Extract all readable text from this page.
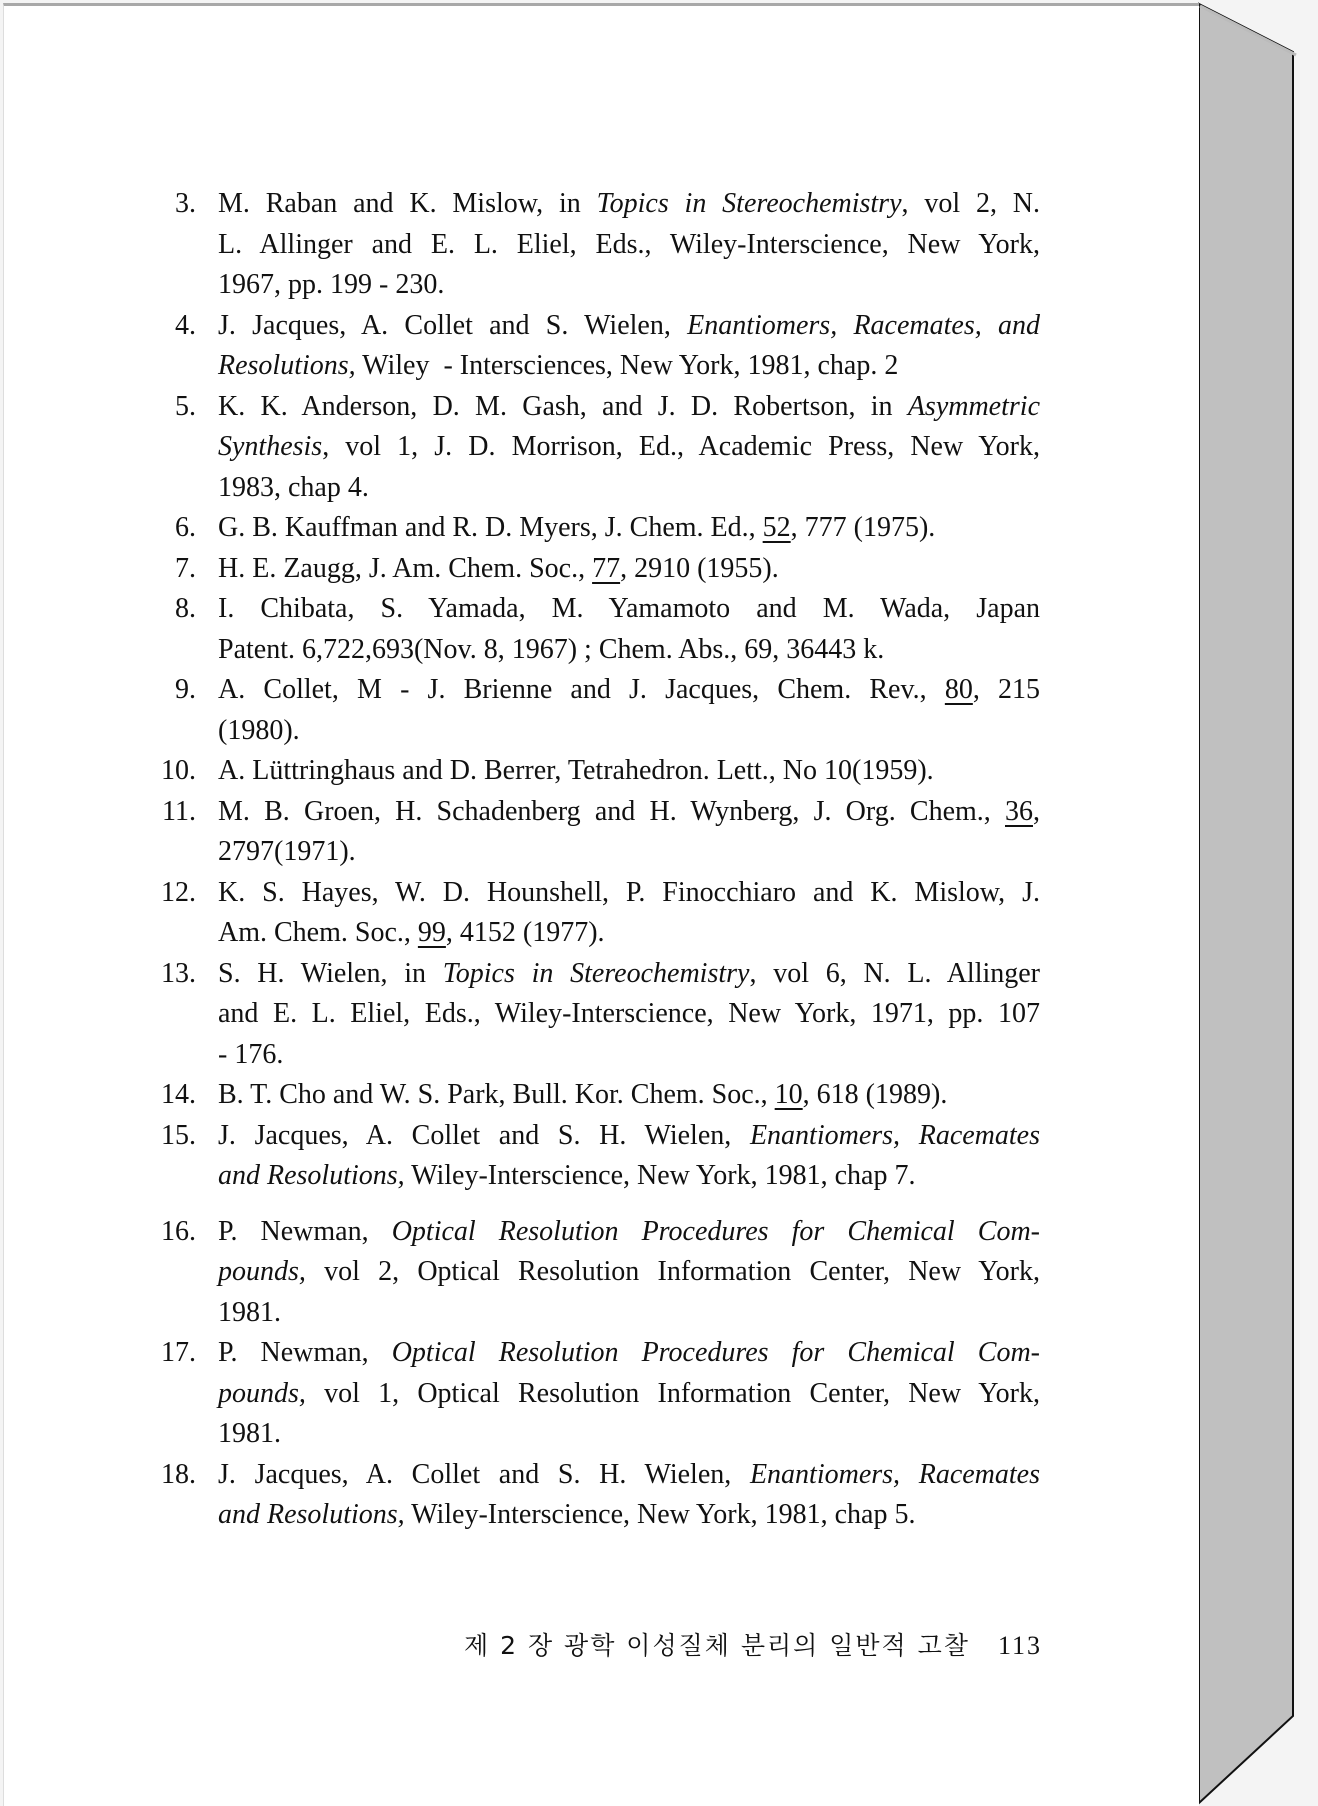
3. M. Raban and K. Mislow, in Topics in Stereochemistry, vol 2, N.
L. Allinger and E. L. Eliel, Eds., Wiley-Interscience, New York,
1967, pp. 199 - 230.
4. J. Jacques, A. Collet and S. Wielen, Enantiomers, Racemates, and
Resolutions, Wiley  - Intersciences, New York, 1981, chap. 2
5. K. K. Anderson, D. M. Gash, and J. D. Robertson, in Asymmetric
Synthesis, vol 1, J. D. Morrison, Ed., Academic Press, New York,
1983, chap 4.
6. G. B. Kauffman and R. D. Myers, J. Chem. Ed., 52, 777 (1975).
7. H. E. Zaugg, J. Am. Chem. Soc., 77, 2910 (1955).
8. I. Chibata, S. Yamada, M. Yamamoto and M. Wada, Japan
Patent. 6,722,693(Nov. 8, 1967) ; Chem. Abs., 69, 36443 k.
9. A. Collet, M - J. Brienne and J. Jacques, Chem. Rev., 80, 215
(1980).
10. A. Lüttringhaus and D. Berrer, Tetrahedron. Lett., No 10(1959).
11. M. B. Groen, H. Schadenberg and H. Wynberg, J. Org. Chem., 36,
2797(1971).
12. K. S. Hayes, W. D. Hounshell, P. Finocchiaro and K. Mislow, J.
Am. Chem. Soc., 99, 4152 (1977).
13. S. H. Wielen, in Topics in Stereochemistry, vol 6, N. L. Allinger
and E. L. Eliel, Eds., Wiley-Interscience, New York, 1971, pp. 107
- 176.
14. B. T. Cho and W. S. Park, Bull. Kor. Chem. Soc., 10, 618 (1989).
15. J. Jacques, A. Collet and S. H. Wielen, Enantiomers, Racemates
and Resolutions, Wiley-Interscience, New York, 1981, chap 7.
16. P. Newman, Optical Resolution Procedures for Chemical Com-
pounds, vol 2, Optical Resolution Information Center, New York,
1981.
17. P. Newman, Optical Resolution Procedures for Chemical Com-
pounds, vol 1, Optical Resolution Information Center, New York,
1981.
18. J. Jacques, A. Collet and S. H. Wielen, Enantiomers, Racemates
and Resolutions, Wiley-Interscience, New York, 1981, chap 5.
제 2 장 광학 이성질체 분리의 일반적 고찰 113
